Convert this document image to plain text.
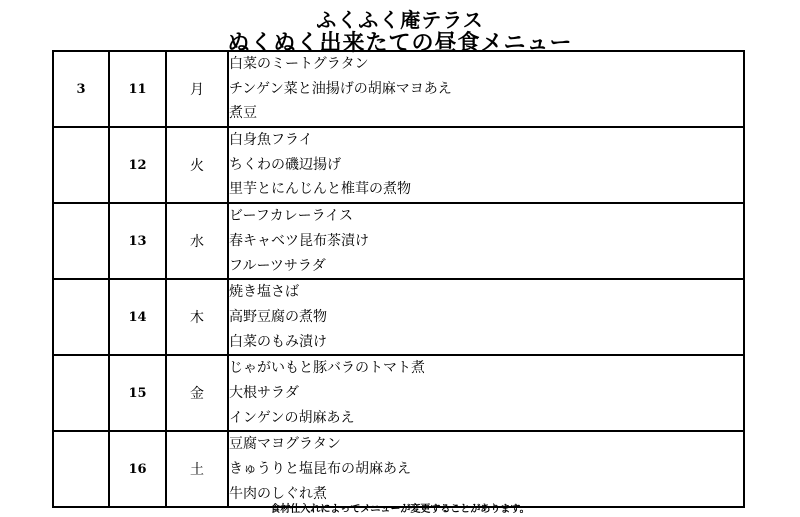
ふくふく庵テラス
ぬくぬく出来たての昼食メニュー
3	11	月	白菜のミートグラタン
チンゲン菜と油揚げの胡麻マヨあえ
煮豆

	12	火	白身魚フライ
ちくわの磯辺揚げ
里芋とにんじんと椎茸の煮物

	13	水	ビーフカレーライス
春キャベツ昆布茶漬け
フルーツサラダ

	14	木	焼き塩さば
高野豆腐の煮物
白菜のもみ漬け

	15	金	じゃがいもと豚バラのトマト煮
大根サラダ
インゲンの胡麻あえ

	16	土	豆腐マヨグラタン
きゅうりと塩昆布の胡麻あえ
牛肉のしぐれ煮
食材仕入れによってメニューが変更することがあります。
